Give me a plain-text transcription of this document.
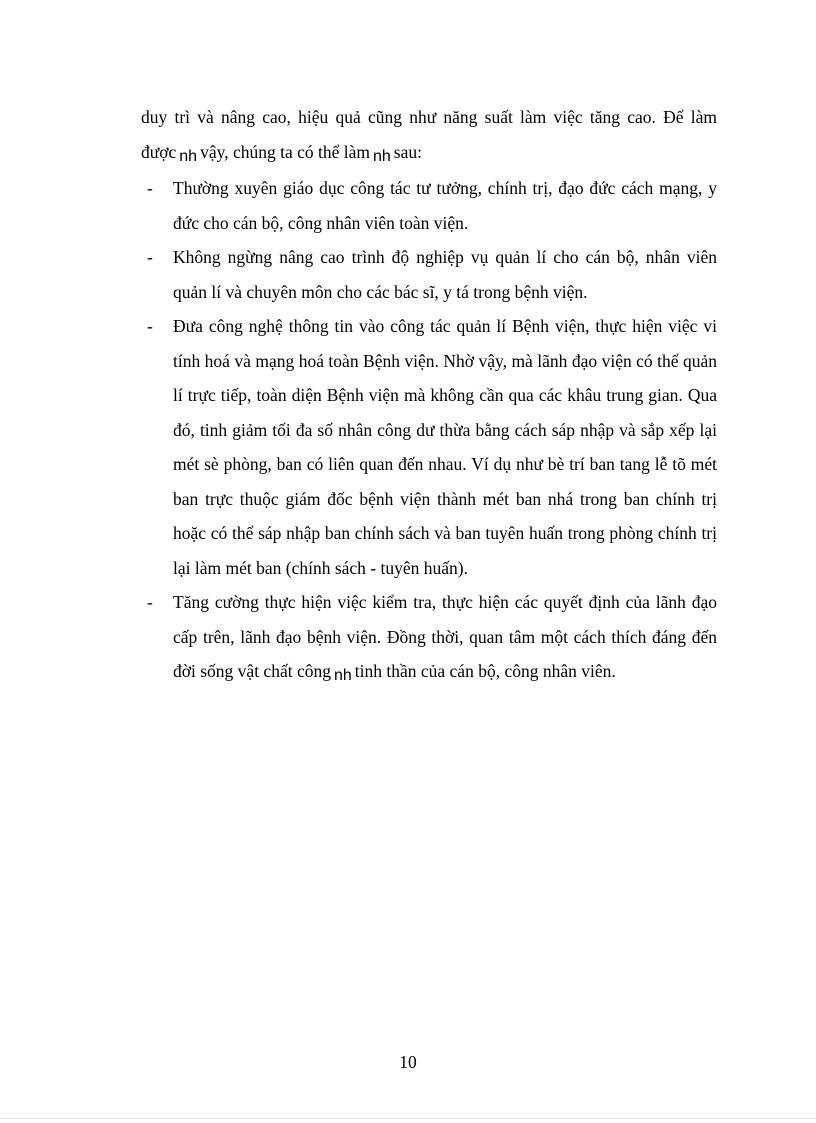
duy trì và nâng cao, hiệu quả cũng như năng suất làm việc tăng cao. Để làm được nh vậy, chúng ta có thể làm nh sau:

- Thường xuyên giáo dục công tác tư tưởng, chính trị, đạo đức cách mạng, y đức cho cán bộ, công nhân viên toàn viện.
- Không ngừng nâng cao trình độ nghiệp vụ quản lí cho cán bộ, nhân viên quản lí và chuyên môn cho các bác sĩ, y tá trong bệnh viện.
- Đưa công nghệ thông tin vào công tác quản lí Bệnh viện, thực hiện việc vi tính hoá và mạng hoá toàn Bệnh viện. Nhờ vậy, mà lãnh đạo viện có thể quản lí trực tiếp, toàn diện Bệnh viện mà không cần qua các khâu trung gian. Qua đó, tinh giảm tối đa số nhân công dư thừa bằng cách sáp nhập và sắp xếp lại mét sè phòng, ban có liên quan đến nhau. Ví dụ như bè trí ban tang lễ tõ mét ban trực thuộc giám đốc bệnh viện thành mét ban nhá trong ban chính trị hoặc có thể sáp nhập ban chính sách và ban tuyên huấn trong phòng chính trị lại làm mét ban (chính sách - tuyên huấn).
- Tăng cường thực hiện việc kiểm tra, thực hiện các quyết định của lãnh đạo cấp trên, lãnh đạo bệnh viện. Đồng thời, quan tâm một cách thích đáng đến đời sống vật chất công nh tinh thần của cán bộ, công nhân viên.
10
